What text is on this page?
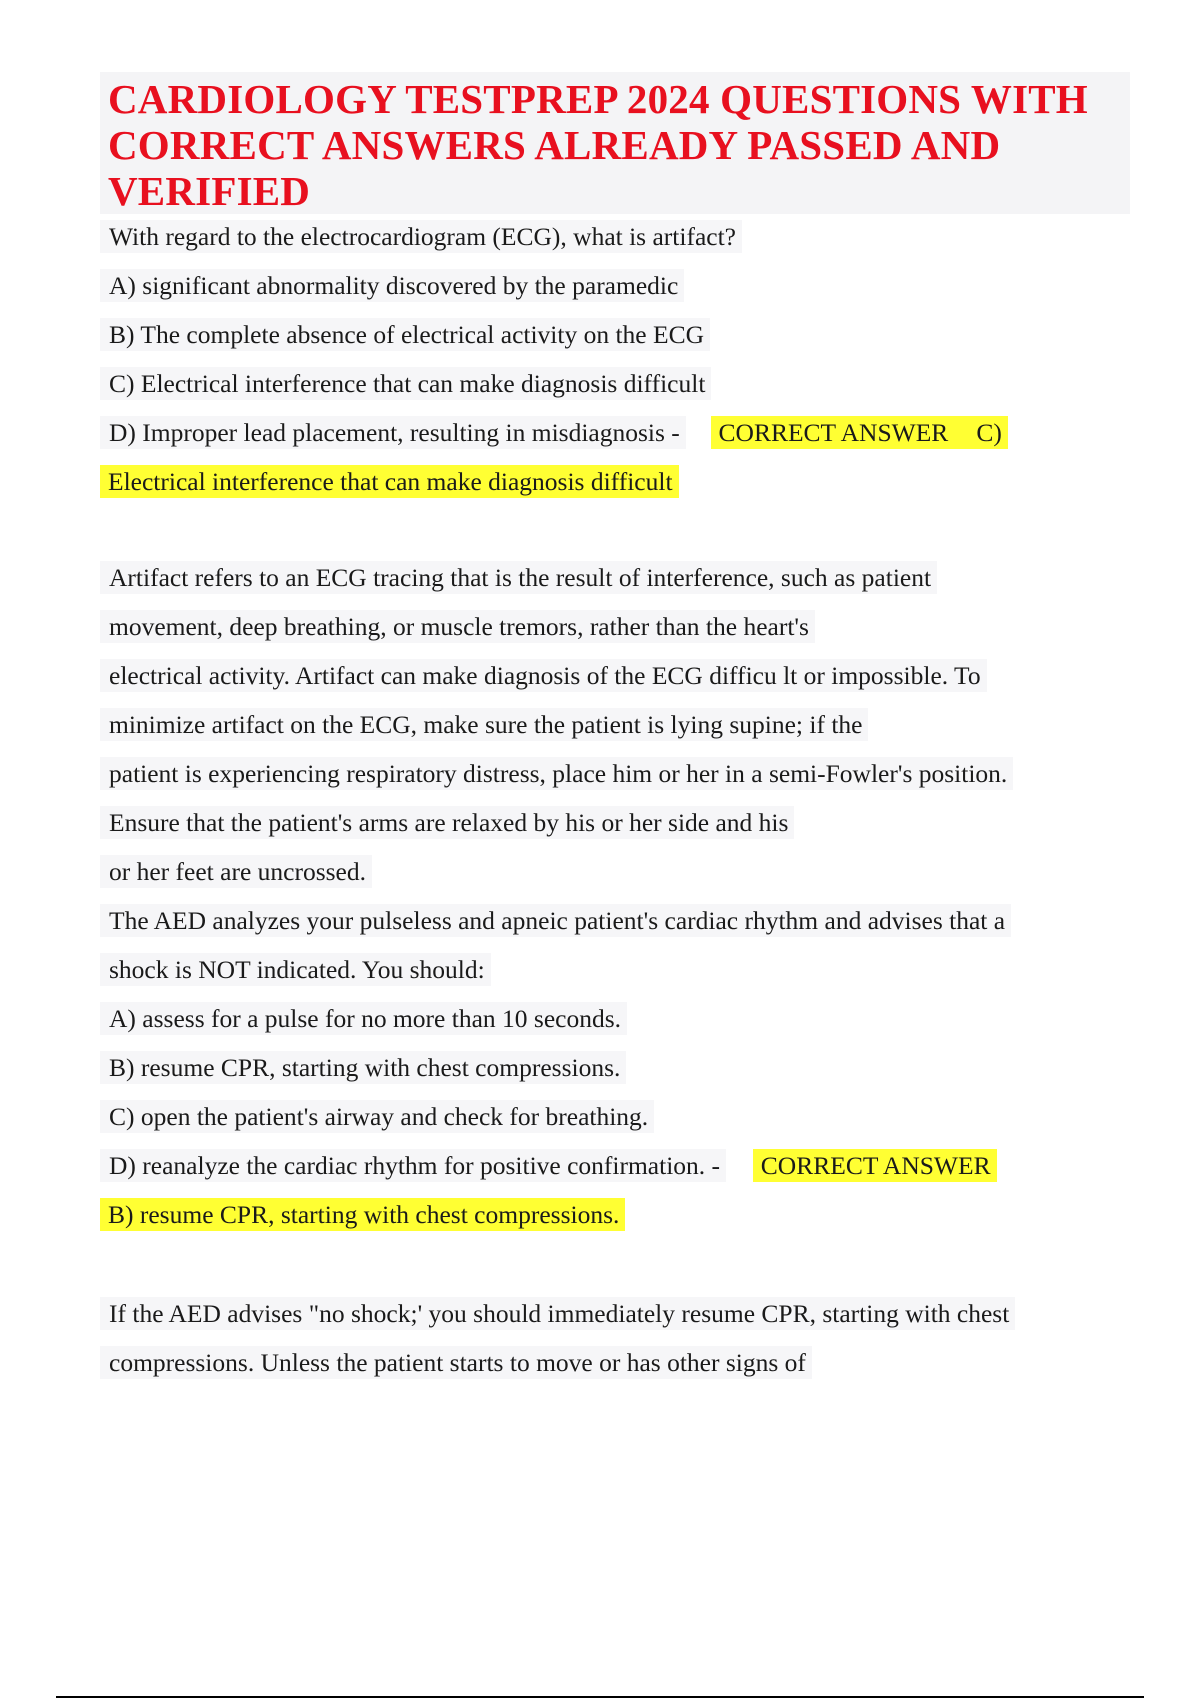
CARDIOLOGY TESTPREP 2024 QUESTIONS WITH CORRECT ANSWERS ALREADY PASSED AND VERIFIED
With regard to the electrocardiogram (ECG), what is artifact?
A) significant abnormality discovered by the paramedic
B) The complete absence of electrical activity on the ECG
C) Electrical interference that can make diagnosis difficult
D) Improper lead placement, resulting in misdiagnosis - CORRECT ANSWER C)
Electrical interference that can make diagnosis difficult
Artifact refers to an ECG tracing that is the result of interference, such as patient
movement, deep breathing, or muscle tremors, rather than the heart's
electrical activity. Artifact can make diagnosis of the ECG difficu lt or impossible. To
minimize artifact on the ECG, make sure the patient is lying supine; if the
patient is experiencing respiratory distress, place him or her in a semi-Fowler's position.
Ensure that the patient's arms are relaxed by his or her side and his
or her feet are uncrossed.
The AED analyzes your pulseless and apneic patient's cardiac rhythm and advises that a
shock is NOT indicated. You should:
A) assess for a pulse for no more than 10 seconds.
B) resume CPR, starting with chest compressions.
C) open the patient's airway and check for breathing.
D) reanalyze the cardiac rhythm for positive confirmation. - CORRECT ANSWER
B) resume CPR, starting with chest compressions.
If the AED advises "no shock;' you should immediately resume CPR, starting with chest
compressions. Unless the patient starts to move or has other signs of
